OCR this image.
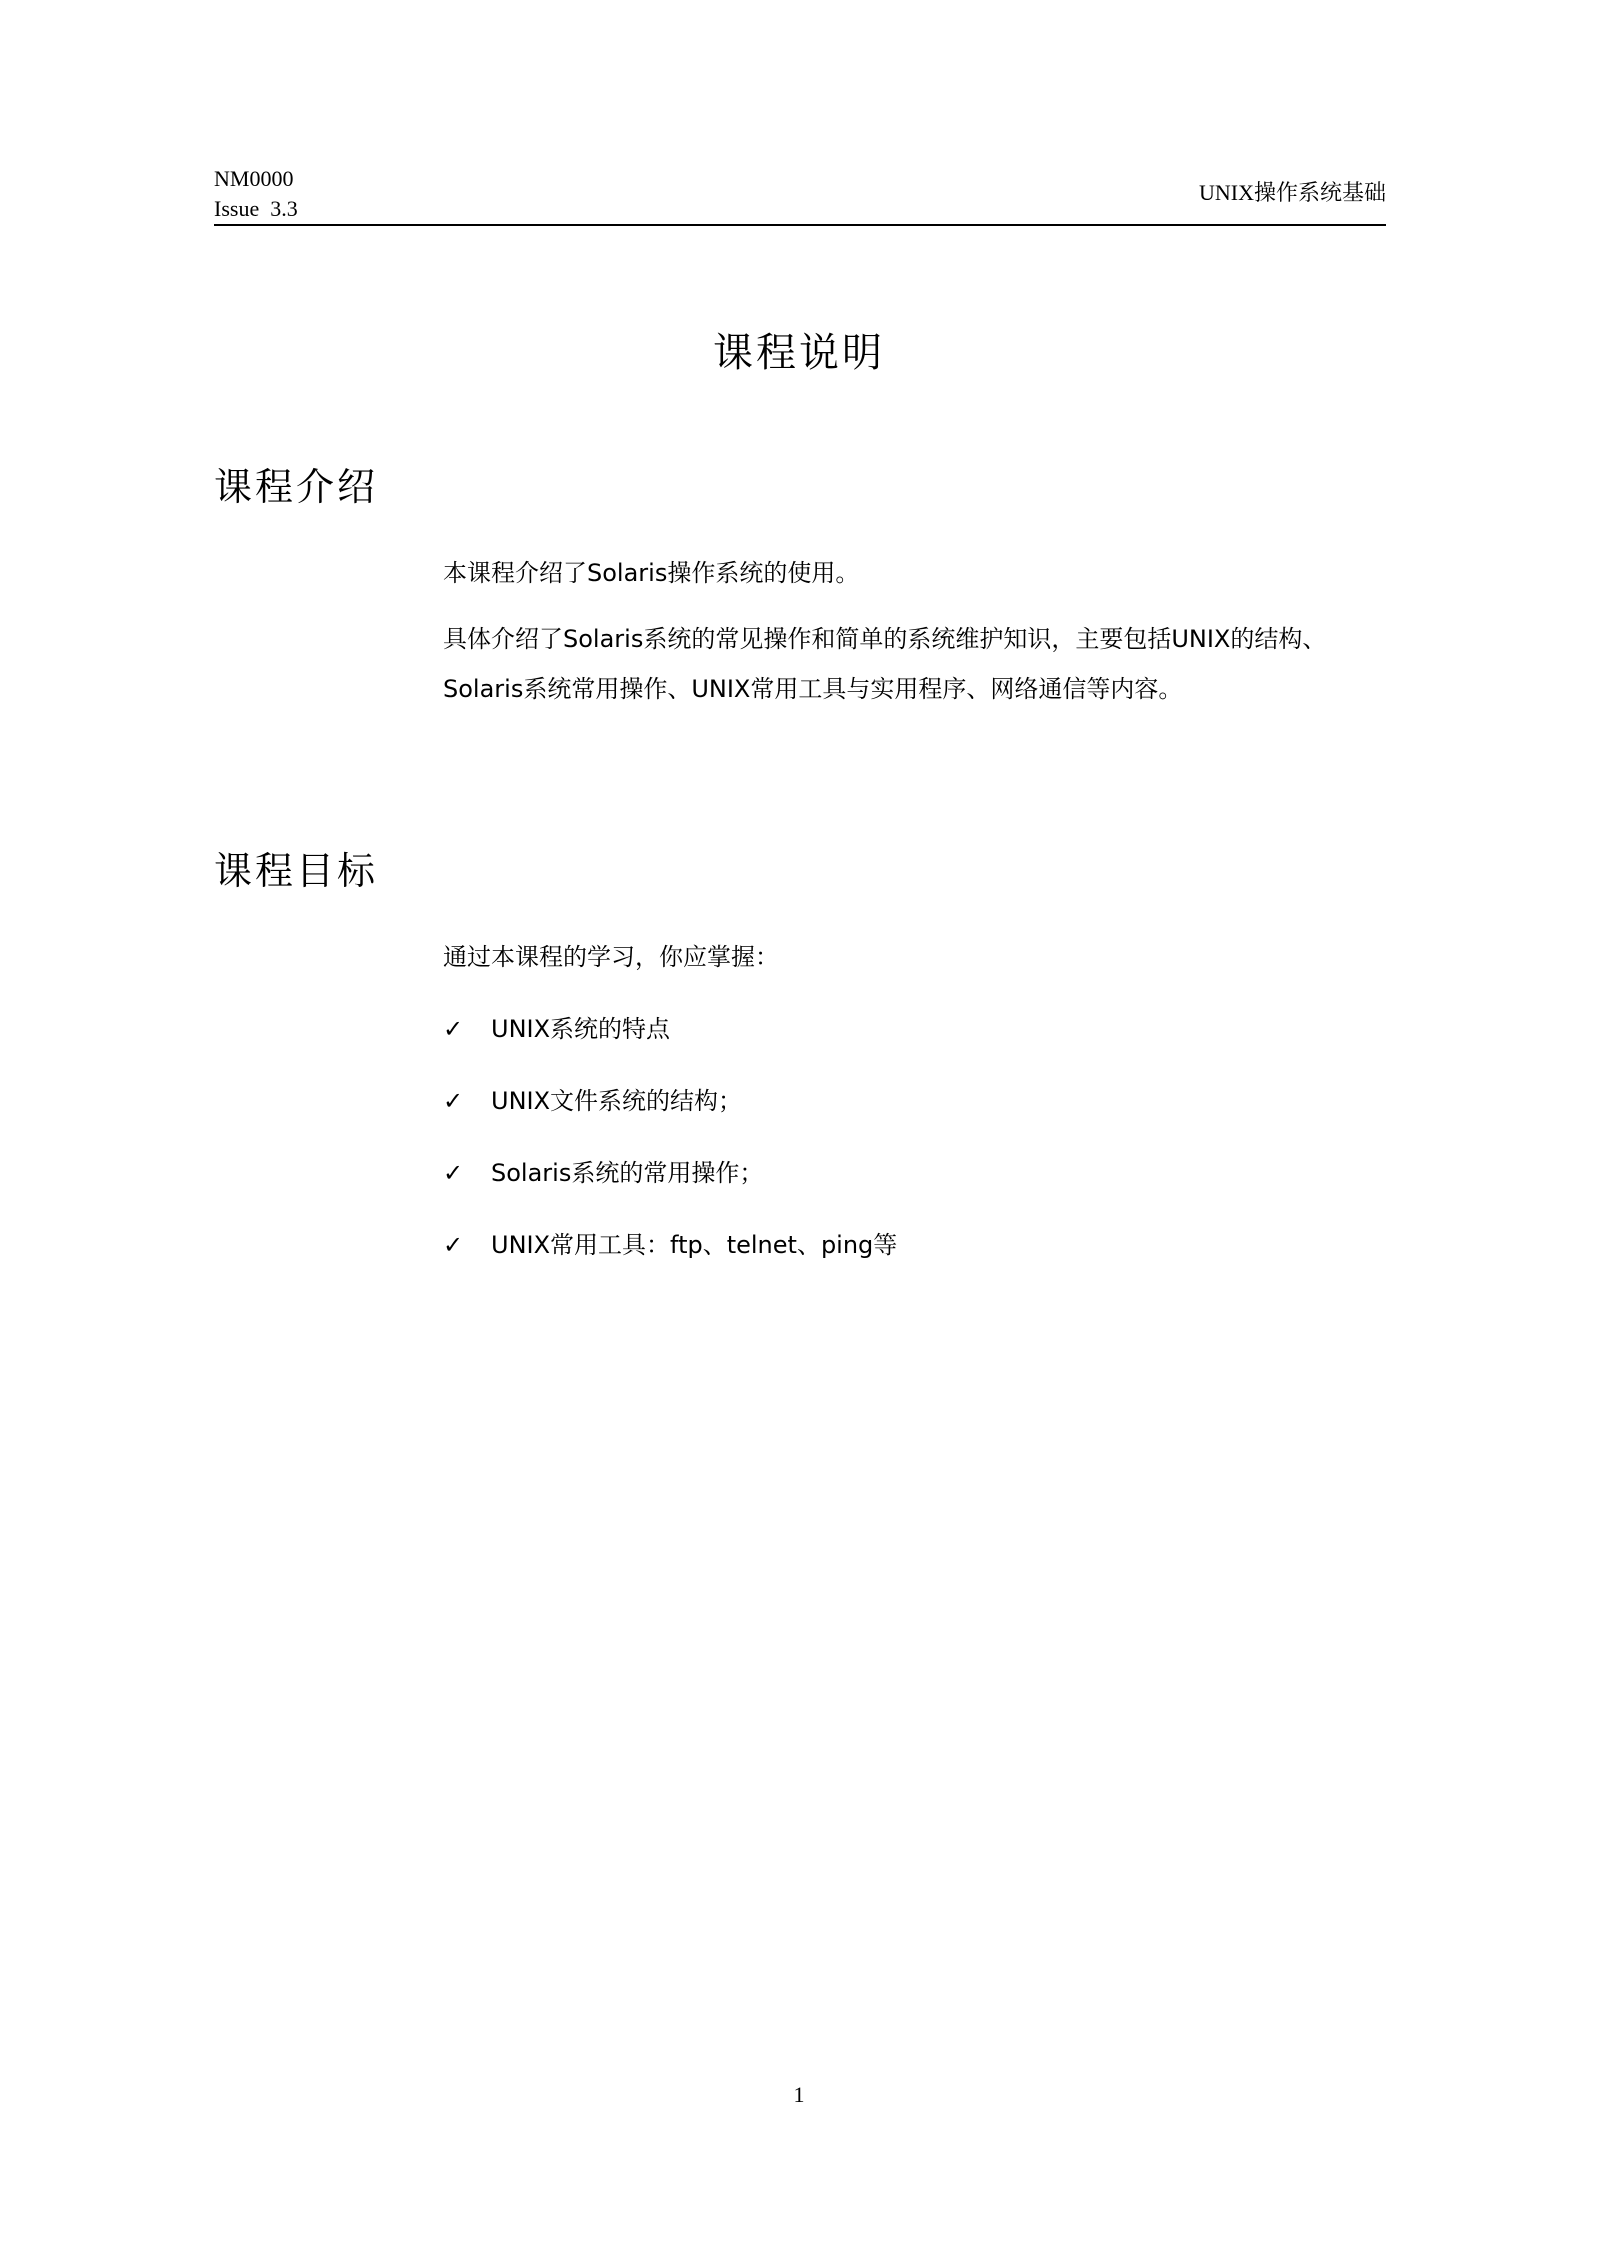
NM0000
Issue  3.3
UNIX操作系统基础
课程说明
课程介绍

本课程介绍了Solaris操作系统的使用。

具体介绍了Solaris系统的常见操作和简单的系统维护知识，主要包括UNIX的结构、Solaris系统常用操作、UNIX常用工具与实用程序、网络通信等内容。

课程目标

通过本课程的学习，你应掌握：

✓	UNIX系统的特点
✓	UNIX文件系统的结构；
✓	Solaris系统的常用操作；
✓	UNIX常用工具：ftp、telnet、ping等
1
